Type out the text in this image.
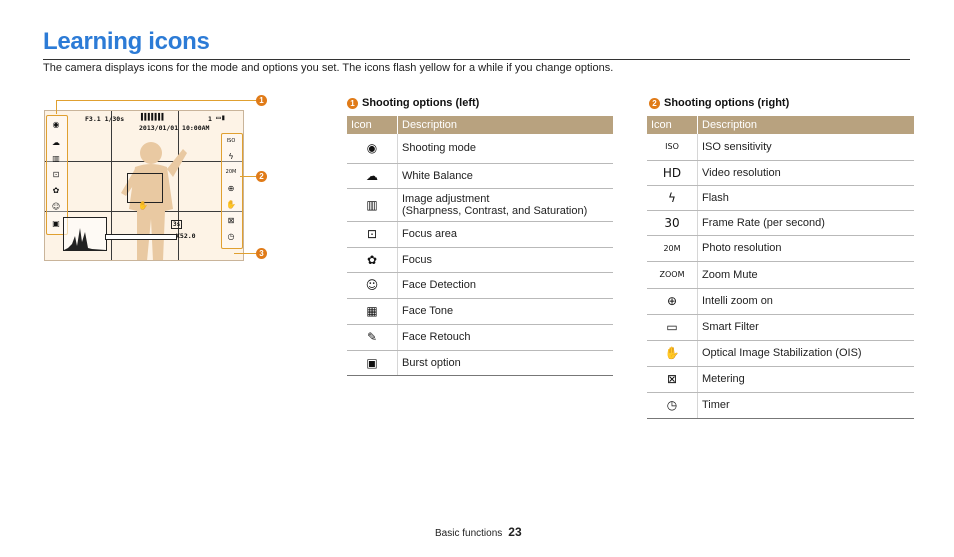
Learning icons
The camera displays icons for the mode and options you set. The icons flash yellow for a while if you change options.
F3.1 1/30s	▌▌▌▌▌▌▌
2013/01/01 10:00AM
1 ▭▮
✋
◉
☁
▥
⊡
✿
☺
▣
ISO
ϟ
20M
⊕
✋
⊠
◷
3s
X52.0
1
2
3
1 Shooting options (left)
Icon	Description
◉	Shooting mode

☁	White Balance

▥	Image adjustment
(Sharpness, Contrast, and Saturation)

⊡	Focus area

✿	Focus

☺	Face Detection

▦	Face Tone

✎	Face Retouch

▣	Burst option
2 Shooting options (right)
Icon	Description
ISO	ISO sensitivity

HD	Video resolution

ϟ	Flash

30	Frame Rate (per second)

20M	Photo resolution

ZOOM	Zoom Mute

⊕	Intelli zoom on

▭	Smart Filter

✋	Optical Image Stabilization (OIS)

⊠	Metering

◷	Timer
Basic functions 23
